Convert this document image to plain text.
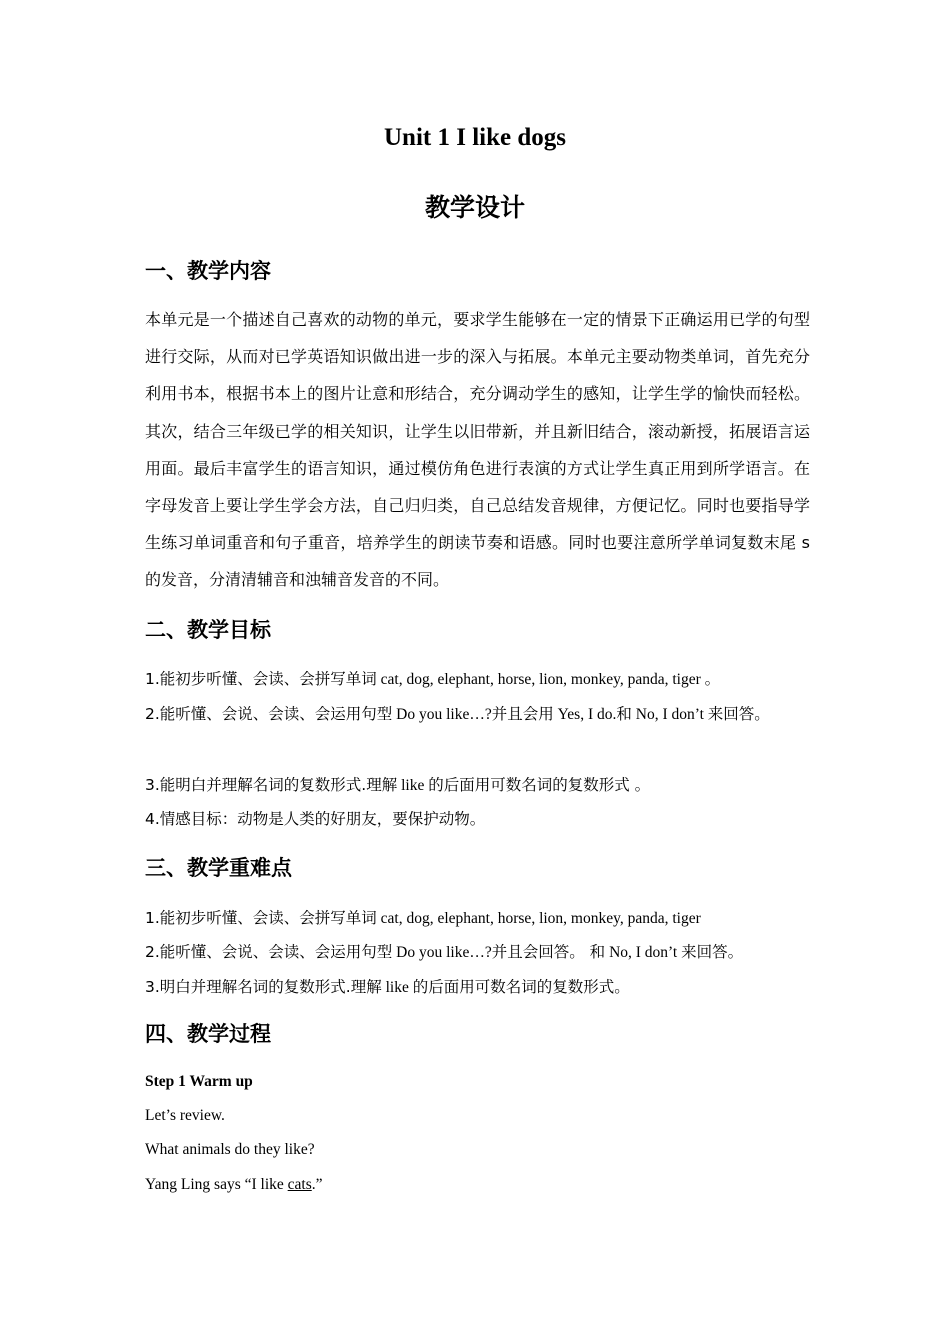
Unit 1 I like dogs
教学设计
一、教学内容
本单元是一个描述自己喜欢的动物的单元，要求学生能够在一定的情景下正确运用已学的句型进行交际，从而对已学英语知识做出进一步的深入与拓展。本单元主要动物类单词，首先充分利用书本，根据书本上的图片让意和形结合，充分调动学生的感知，让学生学的愉快而轻松。其次，结合三年级已学的相关知识，让学生以旧带新，并且新旧结合，滚动新授，拓展语言运用面。最后丰富学生的语言知识，通过模仿角色进行表演的方式让学生真正用到所学语言。在字母发音上要让学生学会方法，自己归归类，自己总结发音规律，方便记忆。同时也要指导学生练习单词重音和句子重音，培养学生的朗读节奏和语感。同时也要注意所学单词复数末尾 s 的发音，分清清辅音和浊辅音发音的不同。
二、教学目标
1.能初步听懂、会读、会拼写单词 cat, dog, elephant, horse, lion, monkey, panda, tiger 。
2.能听懂、会说、会读、会运用句型 Do you like…?并且会用 Yes, I do.和 No, I don’t 来回答。
3.能明白并理解名词的复数形式.理解 like 的后面用可数名词的复数形式 。
4.情感目标：动物是人类的好朋友，要保护动物。
三、教学重难点
1.能初步听懂、会读、会拼写单词 cat, dog, elephant, horse, lion, monkey, panda, tiger
2.能听懂、会说、会读、会运用句型 Do you like…?并且会回答。 和 No, I don’t 来回答。
3.明白并理解名词的复数形式.理解 like 的后面用可数名词的复数形式。
四、教学过程
Step 1 Warm up
Let’s review.
What animals do they like?
Yang Ling says “I like cats.”
